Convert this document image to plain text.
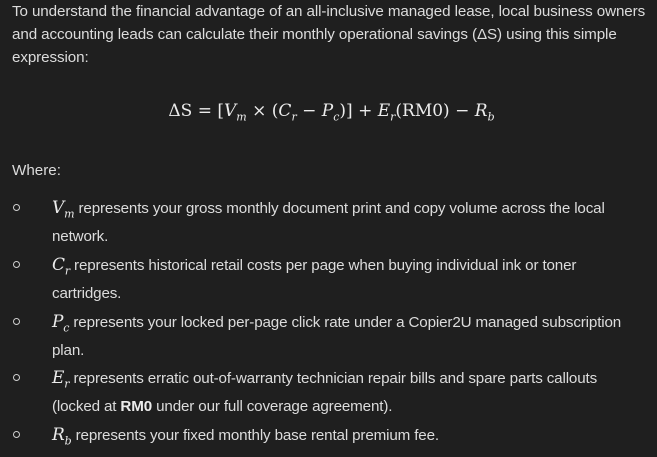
To understand the financial advantage of an all-inclusive managed lease, local business owners and accounting leads can calculate their monthly operational savings (ΔS) using this simple expression:
$\Delta S = [V_m \times (C_r - P_c)] + E_r(RM0) - R_b$
Where:
$V_m$ represents your gross monthly document print and copy volume across the local network.
$C_r$ represents historical retail costs per page when buying individual ink or toner cartridges.
$P_c$ represents your locked per-page click rate under a Copier2U managed subscription plan.
$E_r$ represents erratic out-of-warranty technician repair bills and spare parts callouts (locked at RM0 under our full coverage agreement).
$R_b$ represents your fixed monthly base rental premium fee.
